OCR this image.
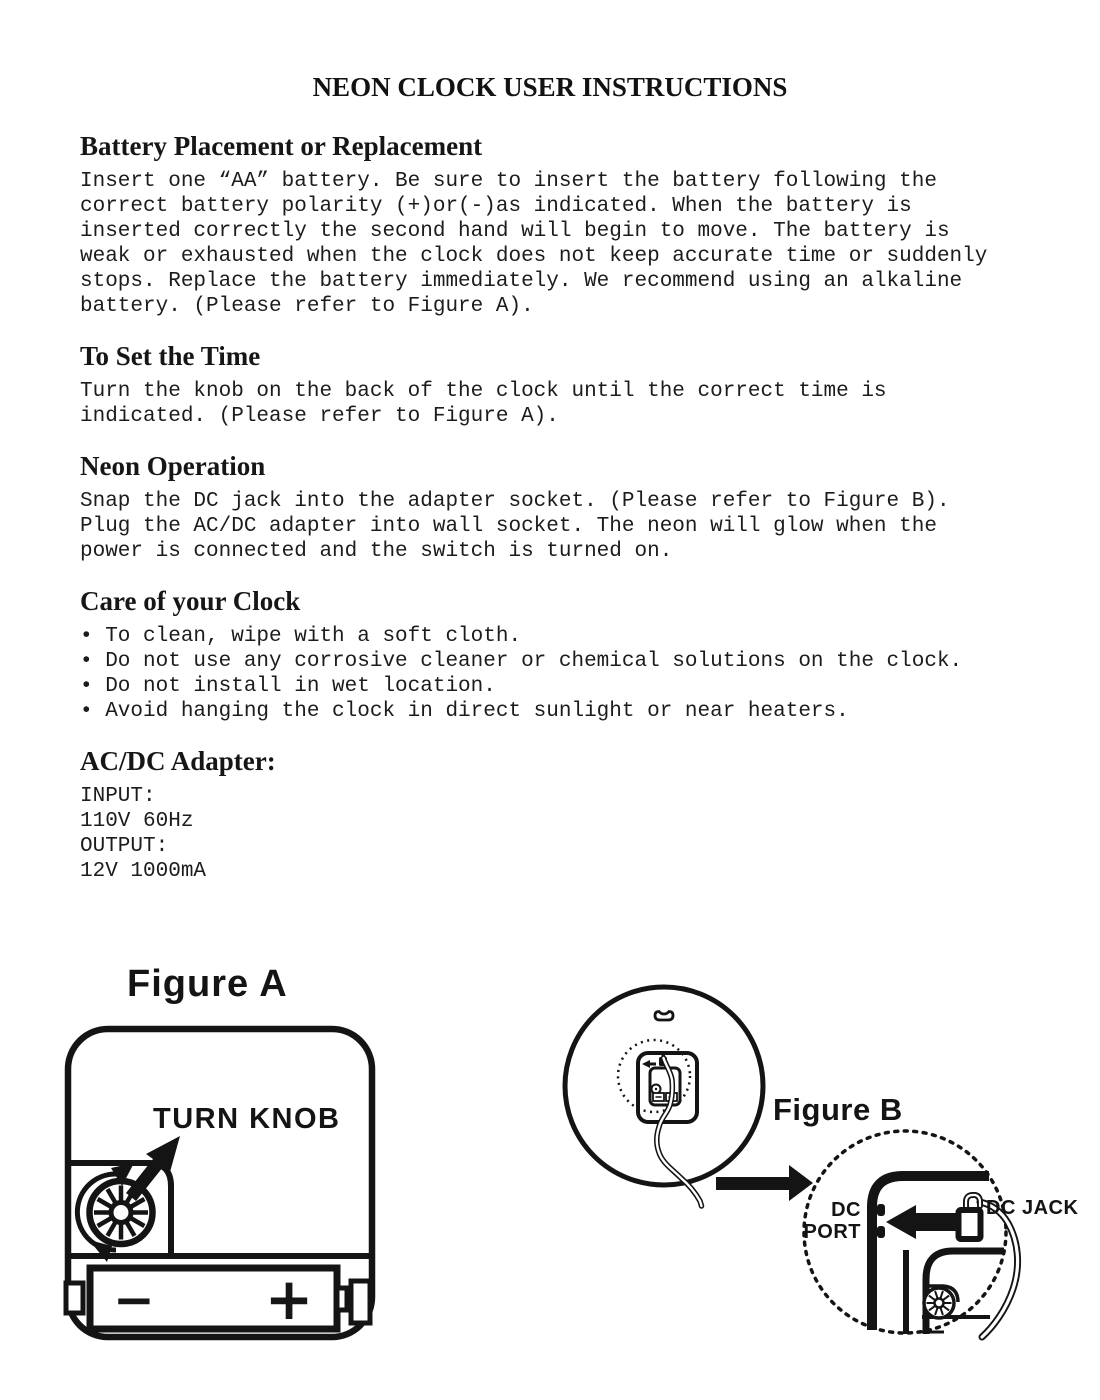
NEON CLOCK USER INSTRUCTIONS
Battery Placement or Replacement
Insert one “AA” battery. Be sure to insert the battery following the
correct battery polarity (+)or(-)as indicated. When the battery is
inserted correctly the second hand will begin to move. The battery is
weak or exhausted when the clock does not keep accurate time or suddenly
stops. Replace the battery immediately. We recommend using an alkaline
battery. (Please refer to Figure A).
To Set the Time
Turn the knob on the back of the clock until the correct time is
indicated. (Please refer to Figure A).
Neon Operation
Snap the DC jack into the adapter socket. (Please refer to Figure B).
Plug the AC/DC adapter into wall socket. The neon will glow when the
power is connected and the switch is turned on.
Care of your Clock
• To clean, wipe with a soft cloth.
• Do not use any corrosive cleaner or chemical solutions on the clock.
• Do not install in wet location.
• Avoid hanging the clock in direct sunlight or near heaters.
AC/DC Adapter:
INPUT:
110V 60Hz
OUTPUT:
12V 1000mA
− +
Figure A
TURN KNOB	Figure B
DC PORT
DC JACK
